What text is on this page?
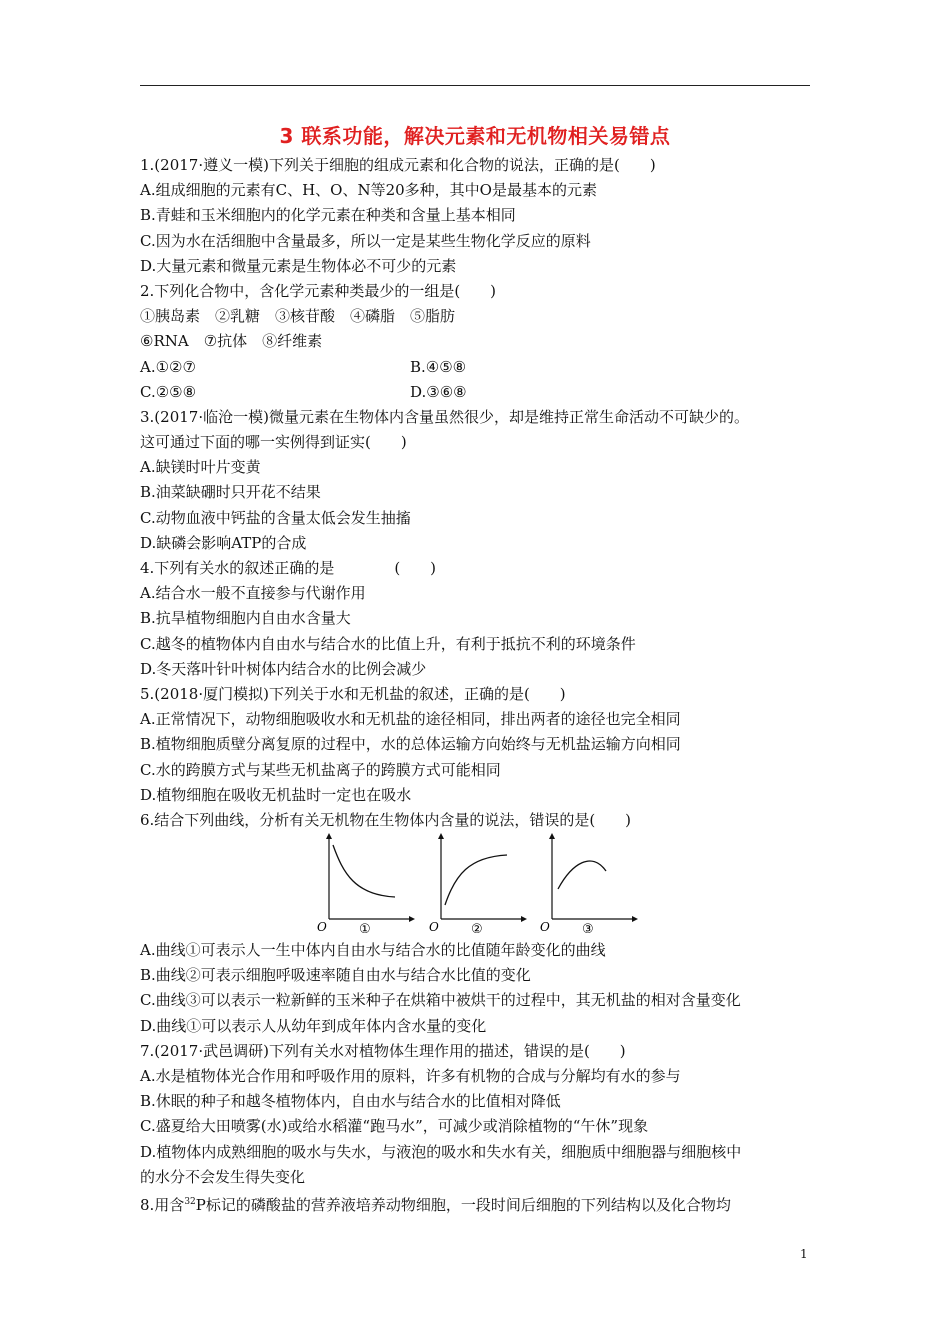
3 联系功能，解决元素和无机物相关易错点
1.(2017·遵义一模)下列关于细胞的组成元素和化合物的说法，正确的是(　　)
A.组成细胞的元素有C、H、O、N等20多种，其中O是最基本的元素
B.青蛙和玉米细胞内的化学元素在种类和含量上基本相同
C.因为水在活细胞中含量最多，所以一定是某些生物化学反应的原料
D.大量元素和微量元素是生物体必不可少的元素
2.下列化合物中，含化学元素种类最少的一组是(　　)
①胰岛素　②乳糖　③核苷酸　④磷脂　⑤脂肪
⑥RNA　⑦抗体　⑧纤维素
A.①②⑦	B.④⑤⑧
C.②⑤⑧	D.③⑥⑧
3.(2017·临沧一模)微量元素在生物体内含量虽然很少，却是维持正常生命活动不可缺少的。
这可通过下面的哪一实例得到证实(　　)
A.缺镁时叶片变黄
B.油菜缺硼时只开花不结果
C.动物血液中钙盐的含量太低会发生抽搐
D.缺磷会影响ATP的合成
4.下列有关水的叙述正确的是　　　　(　　)
A.结合水一般不直接参与代谢作用
B.抗旱植物细胞内自由水含量大
C.越冬的植物体内自由水与结合水的比值上升，有利于抵抗不利的环境条件
D.冬天落叶针叶树体内结合水的比例会减少
5.(2018·厦门模拟)下列关于水和无机盐的叙述，正确的是(　　)
A.正常情况下，动物细胞吸收水和无机盐的途径相同，排出两者的途径也完全相同
B.植物细胞质壁分离复原的过程中，水的总体运输方向始终与无机盐运输方向相同
C.水的跨膜方式与某些无机盐离子的跨膜方式可能相同
D.植物细胞在吸收无机盐时一定也在吸水
6.结合下列曲线，分析有关无机物在生物体内含量的说法，错误的是(　　)
O ①	O ②	O ③
A.曲线①可表示人一生中体内自由水与结合水的比值随年龄变化的曲线
B.曲线②可表示细胞呼吸速率随自由水与结合水比值的变化
C.曲线③可以表示一粒新鲜的玉米种子在烘箱中被烘干的过程中，其无机盐的相对含量变化
D.曲线①可以表示人从幼年到成年体内含水量的变化
7.(2017·武邑调研)下列有关水对植物体生理作用的描述，错误的是(　　)
A.水是植物体光合作用和呼吸作用的原料，许多有机物的合成与分解均有水的参与
B.休眠的种子和越冬植物体内，自由水与结合水的比值相对降低
C.盛夏给大田喷雾(水)或给水稻灌“跑马水”，可减少或消除植物的“午休”现象
D.植物体内成熟细胞的吸水与失水，与液泡的吸水和失水有关，细胞质中细胞器与细胞核中
的水分不会发生得失变化
8.用含$^{32}$P标记的磷酸盐的营养液培养动物细胞，一段时间后细胞的下列结构以及化合物均
1
